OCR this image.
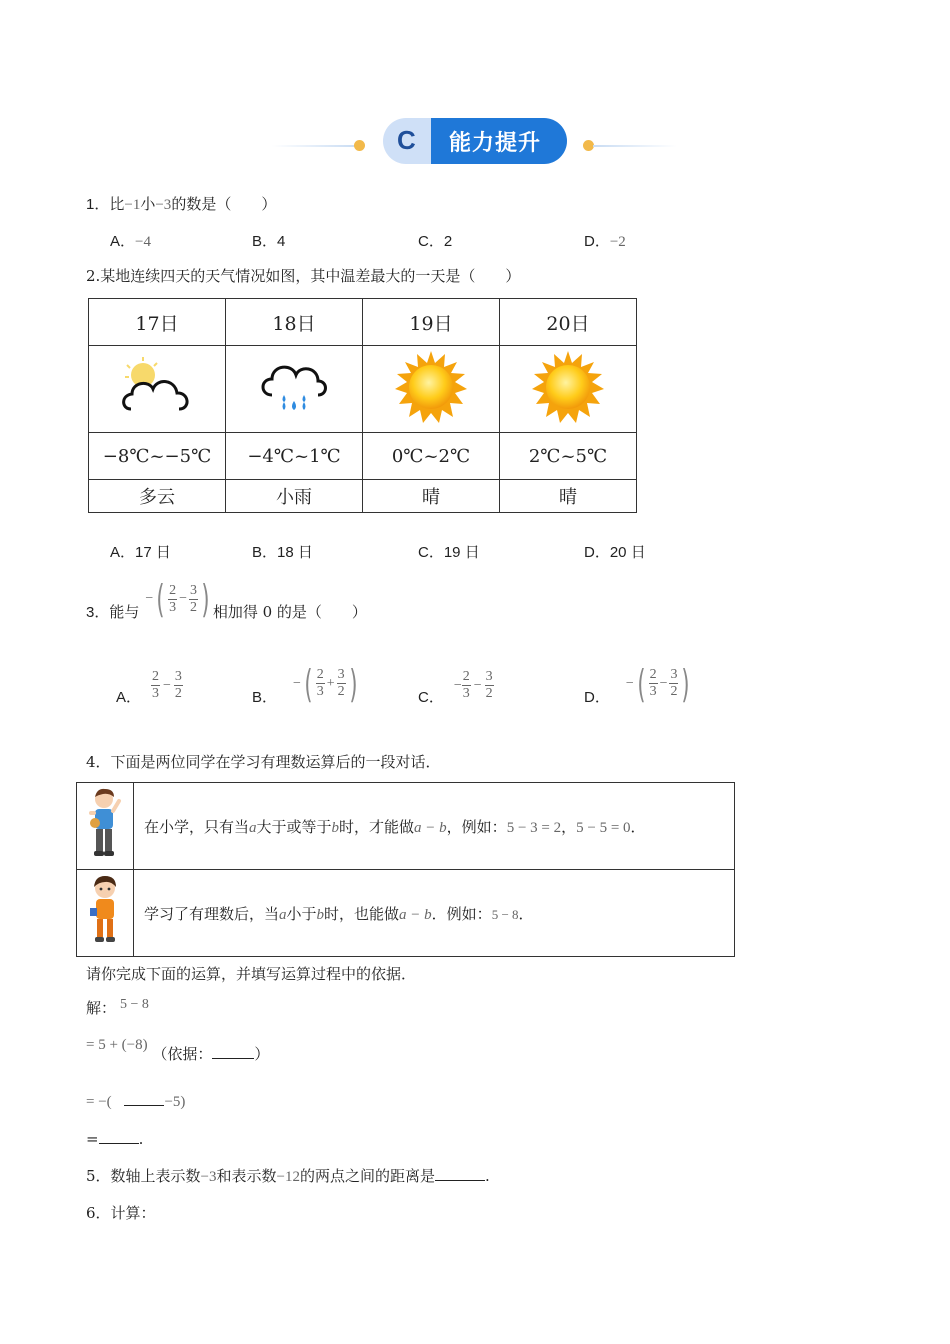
C 能力提升
1．比−1小−3的数是（　　）
A．−4	B．4	C．2	D．−2
2.某地连续四天的天气情况如图，其中温差最大的一天是（　　）
17日	18日	19日	20日

−8℃~−5℃	−4℃~1℃	0℃~2℃	2℃~5℃
多云	小雨	晴	晴
A．17 日	B．18 日	C．19 日	D．20 日
3．能与
− ( $\frac{2}{3} - \frac{3}{2}$ ) 相加得 0 的是（　　）
A． $\frac{2}{3} - \frac{3}{2}$	B．
− ( $\frac{2}{3} + \frac{3}{2}$ )	C．
− $\frac{2}{3} - \frac{3}{2}$	D．
− ( $\frac{2}{3} - \frac{3}{2}$ )
4．下面是两位同学在学习有理数运算后的一段对话．
	在小学，只有当a大于或等于b时，才能做a − b，例如：5 − 3 = 2，5 − 5 = 0．
	学习了有理数后，当a小于b时，也能做a − b．例如：5 − 8．
请你完成下面的运算，并填写运算过程中的依据．
解： 5 − 8
= 5 + (−8) （依据：	）
= −(	−5)
=	.
5．数轴上表示数−3和表示数−12的两点之间的距离是	.
6．计算：
